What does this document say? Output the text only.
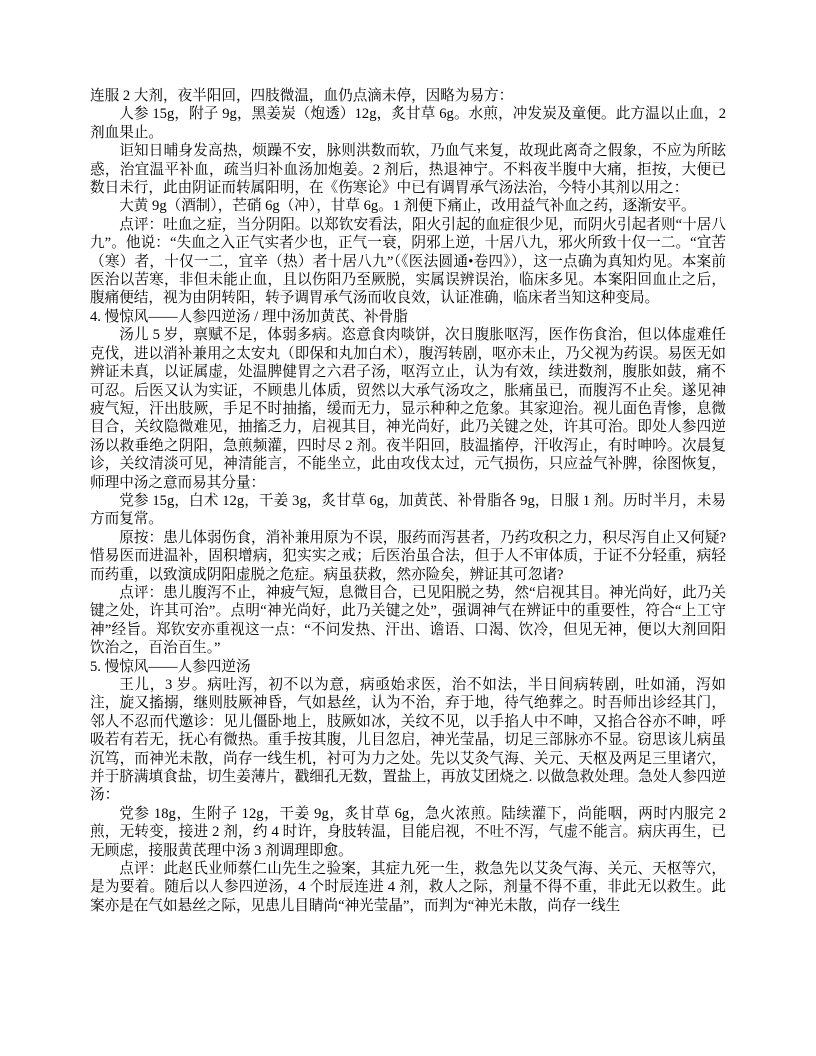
连服 2 大剂，夜半阳回，四肢微温，血仍点滴未停，因略为易方：

人参 15g，附子 9g，黑姜炭（炮透）12g，炙甘草 6g。水煎，冲发炭及童便。此方温以止血，2 剂血果止。

讵知日晡身发高热，烦躁不安，脉则洪数而软，乃血气来复，故现此离奇之假象，不应为所眩惑，治宜温平补血，疏当归补血汤加炮姜。2 剂后，热退神宁。不料夜半腹中大痛，拒按，大便已数日未行，此由阴证而转属阳明，在《伤寒论》中已有调胃承气汤法治，今特小其剂以用之：

大黄 9g（酒制），芒硝 6g（冲），甘草 6g。1 剂便下痛止，改用益气补血之药，逐渐安平。

点评：吐血之症，当分阴阳。以郑钦安看法，阳火引起的血症很少见，而阴火引起者则“十居八九”。他说：“失血之入正气实者少也，正气一衰，阴邪上逆，十居八九，邪火所致十仅一二。“宜苦（寒）者，十仅一二，宜辛（热）者十居八九”（《医法圆通•卷四》），这一点确为真知灼见。本案前医治以苦寒，非但未能止血，且以伤阳乃至厥脱，实属误辨误治，临床多见。本案阳回血止之后，腹痛便结，视为由阴转阳，转予调胃承气汤而收良效，认证准确，临床者当知这种变局。

4. 慢惊风——人参四逆汤 / 理中汤加黄芪、补骨脂

汤儿 5 岁，禀赋不足，体弱多病。恣意食肉啖饼，次日腹胀呕泻，医作伤食治，但以体虚难任克伐，进以消补兼用之太安丸（即保和丸加白术），腹泻转剧，呕亦未止，乃父视为药误。易医无如辨证未真，以证属虚，处温脾健胃之六君子汤，呕泻立止，认为有效，续进数剂，腹胀如鼓，痛不可忍。后医又认为实证，不顾患儿体质，贸然以大承气汤攻之，胀痛虽已，而腹泻不止矣。遂见神疲气短，汗出肢厥，手足不时抽搐，缓而无力，显示种种之危象。其家迎治。视儿面色青惨，息微目合，关纹隐微难见，抽搐乏力，启视其目，神光尚好，此乃关键之处，许其可治。即处人参四逆汤以救垂绝之阴阳，急煎频灌，四时尽 2 剂。夜半阳回，肢温搐停，汗收泻止，有时呻吟。次晨复诊，关纹清淡可见，神清能言，不能坐立，此由攻伐太过，元气损伤，只应益气补脾，徐图恢复，师理中汤之意而易其分量：

党参 15g，白术 12g，干姜 3g，炙甘草 6g，加黄芪、补骨脂各 9g，日服 1 剂。历时半月，未易方而复常。

原按：患儿体弱伤食，消补兼用原为不误，服药而泻甚者，乃药攻积之力，积尽泻自止又何疑?惜易医而进温补，固积增病，犯实实之戒；后医治虽合法，但于人不审体质，于证不分轻重，病轻而药重，以致演成阴阳虚脱之危症。病虽获救，然亦险矣，辨证其可忽诸?

点评：患儿腹泻不止，神疲气短，息微目合，已见阳脱之势，然“启视其目。神光尚好，此乃关键之处，许其可治”。点明“神光尚好，此乃关键之处”，强调神气在辨证中的重要性，符合“上工守神”经旨。郑钦安亦重视这一点：“不问发热、汗出、谵语、口渴、饮冷，但见无神，便以大剂回阳饮治之，百治百生。”

5. 慢惊风——人参四逆汤

王儿，3 岁。病吐泻，初不以为意，病亟始求医，治不如法，半日间病转剧，吐如涌，泻如注，旋又搐搦，继则肢厥神昏，气如悬丝，认为不治，弃于地，待气绝葬之。时吾师出诊经其门，邻人不忍而代邀诊：见儿僵卧地上，肢厥如冰，关纹不见，以手掐人中不呻，又掐合谷亦不呻，呼吸若有若无，抚心有微热。重手按其腹，儿目忽启，神光莹晶，切足三部脉亦不显。窃思该儿病虽沉笃，而神光未散，尚存一线生机，衬可为力之处。先以艾灸气海、关元、天枢及两足三里诸穴，并于脐满填食盐，切生姜薄片，戳细孔无数，置盐上，再放艾团烧之. 以做急救处理。急处人参四逆汤：

党参 18g，生附子 12g，干姜 9g，炙甘草 6g，急火浓煎。陆续灌下，尚能咽，两时内服完 2 煎，无转变，接进 2 剂，约 4 时许，身肢转温，目能启视，不吐不泻，气虚不能言。病庆再生，已无顾虑，接服黄芪理中汤 3 剂调理即愈。

点评：此赵氏业师蔡仁山先生之验案，其症九死一生，救急先以艾灸气海、关元、天枢等穴，是为要着。随后以人参四逆汤，4 个时辰连进 4 剂，救人之际，剂量不得不重，非此无以救生。此案亦是在气如悬丝之际，见患儿目睛尚“神光莹晶”，而判为“神光未散，尚存一线生
